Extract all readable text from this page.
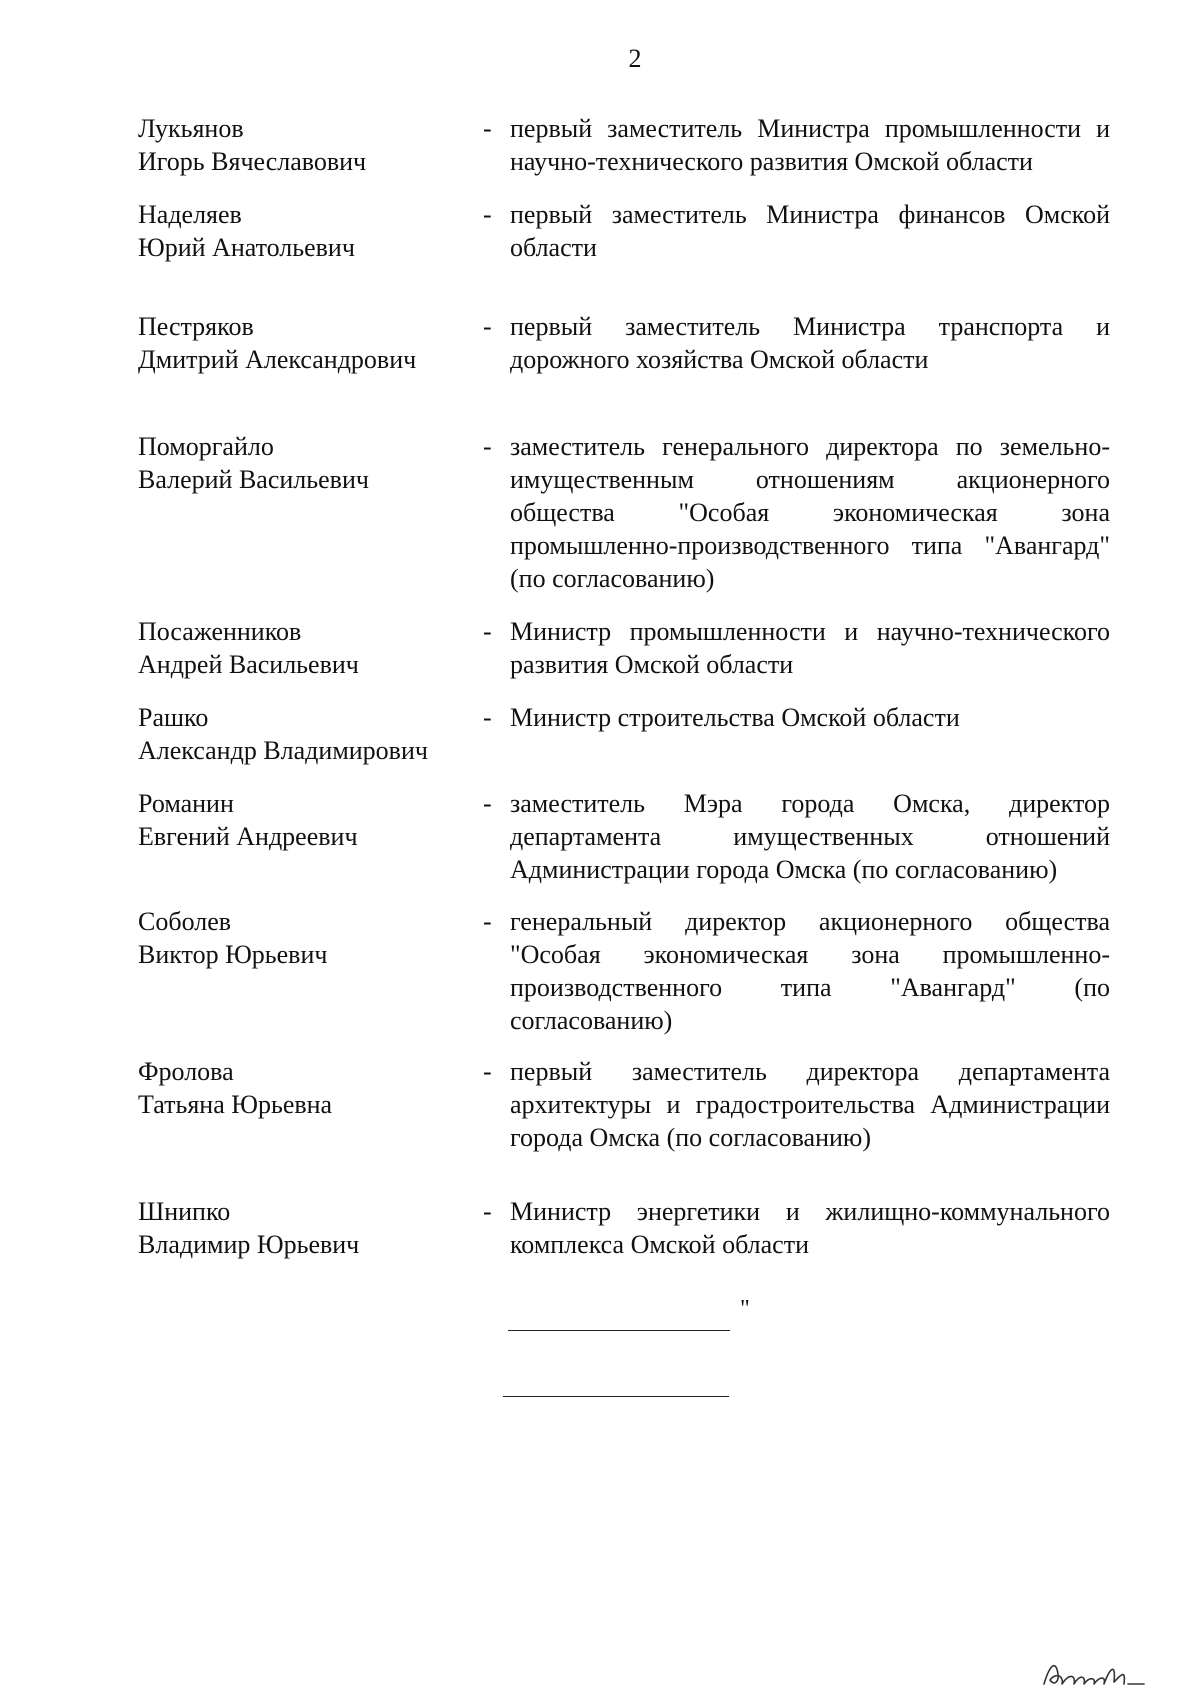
2
Лукьянов
Игорь Вячеславович
- первый заместитель Министра промышленности и научно-технического развития Омской области
Наделяев
Юрий Анатольевич
- первый заместитель Министра финансов Омской области
Пестряков
Дмитрий Александрович
- первый заместитель Министра транспорта и дорожного хозяйства Омской области
Поморгайло
Валерий Васильевич
- заместитель генерального директора по земельно-имущественным отношениям акционерного общества "Особая экономическая зона промышленно-производственного типа "Авангард" (по согласованию)
Посаженников
Андрей Васильевич
- Министр промышленности и научно-технического развития Омской области
Рашко
Александр Владимирович
- Министр строительства Омской области
Романин
Евгений Андреевич
- заместитель Мэра города Омска, директор департамента имущественных отношений Администрации города Омска (по согласованию)
Соболев
Виктор Юрьевич
- генеральный директор акционерного общества "Особая экономическая зона промышленно-производственного типа "Авангард" (по согласованию)
Фролова
Татьяна Юрьевна
- первый заместитель директора департамента архитектуры и градостроительства Администрации города Омска (по согласованию)
Шнипко
Владимир Юрьевич
- Министр энергетики и жилищно-коммунального комплекса Омской области
"
